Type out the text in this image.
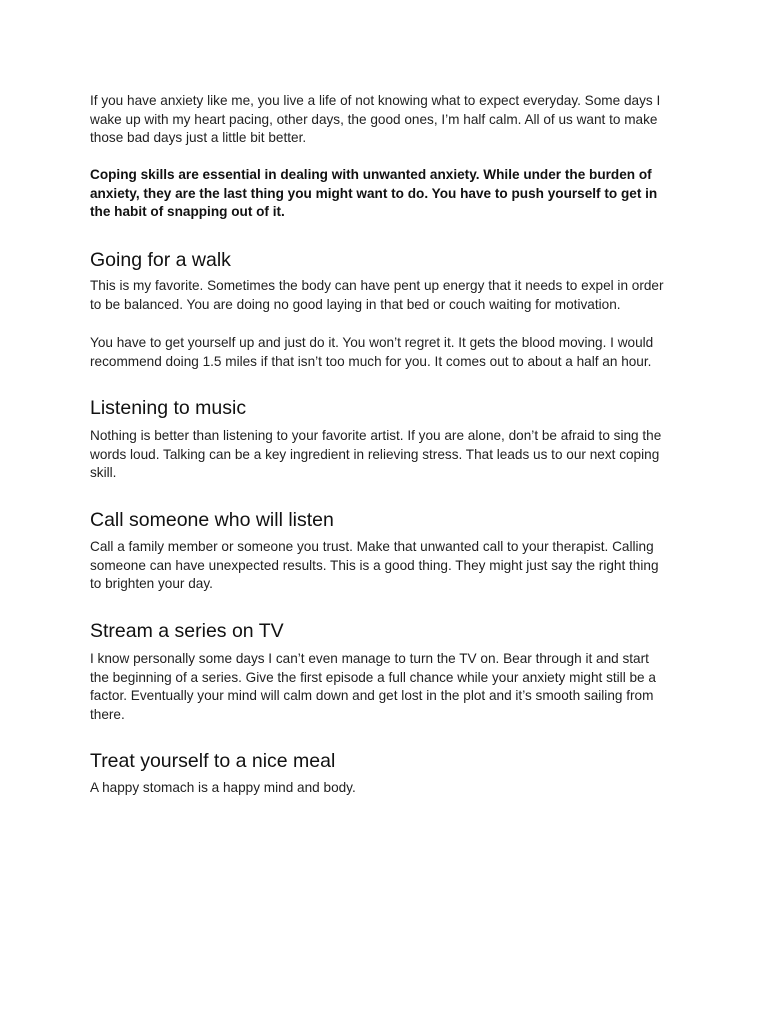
If you have anxiety like me, you live a life of not knowing what to expect everyday. Some days I
wake up with my heart pacing, other days, the good ones, I’m half calm. All of us want to make
those bad days just a little bit better.
Coping skills are essential in dealing with unwanted anxiety. While under the burden of
anxiety, they are the last thing you might want to do. You have to push yourself to get in
the habit of snapping out of it.
Going for a walk
This is my favorite. Sometimes the body can have pent up energy that it needs to expel in order
to be balanced. You are doing no good laying in that bed or couch waiting for motivation.
You have to get yourself up and just do it. You won’t regret it. It gets the blood moving. I would
recommend doing 1.5 miles if that isn’t too much for you. It comes out to about a half an hour.
Listening to music
Nothing is better than listening to your favorite artist. If you are alone, don’t be afraid to sing the
words loud. Talking can be a key ingredient in relieving stress. That leads us to our next coping
skill.
Call someone who will listen
Call a family member or someone you trust. Make that unwanted call to your therapist. Calling
someone can have unexpected results. This is a good thing. They might just say the right thing
to brighten your day.
Stream a series on TV
I know personally some days I can’t even manage to turn the TV on. Bear through it and start
the beginning of a series. Give the first episode a full chance while your anxiety might still be a
factor. Eventually your mind will calm down and get lost in the plot and it’s smooth sailing from
there.
Treat yourself to a nice meal
A happy stomach is a happy mind and body.
